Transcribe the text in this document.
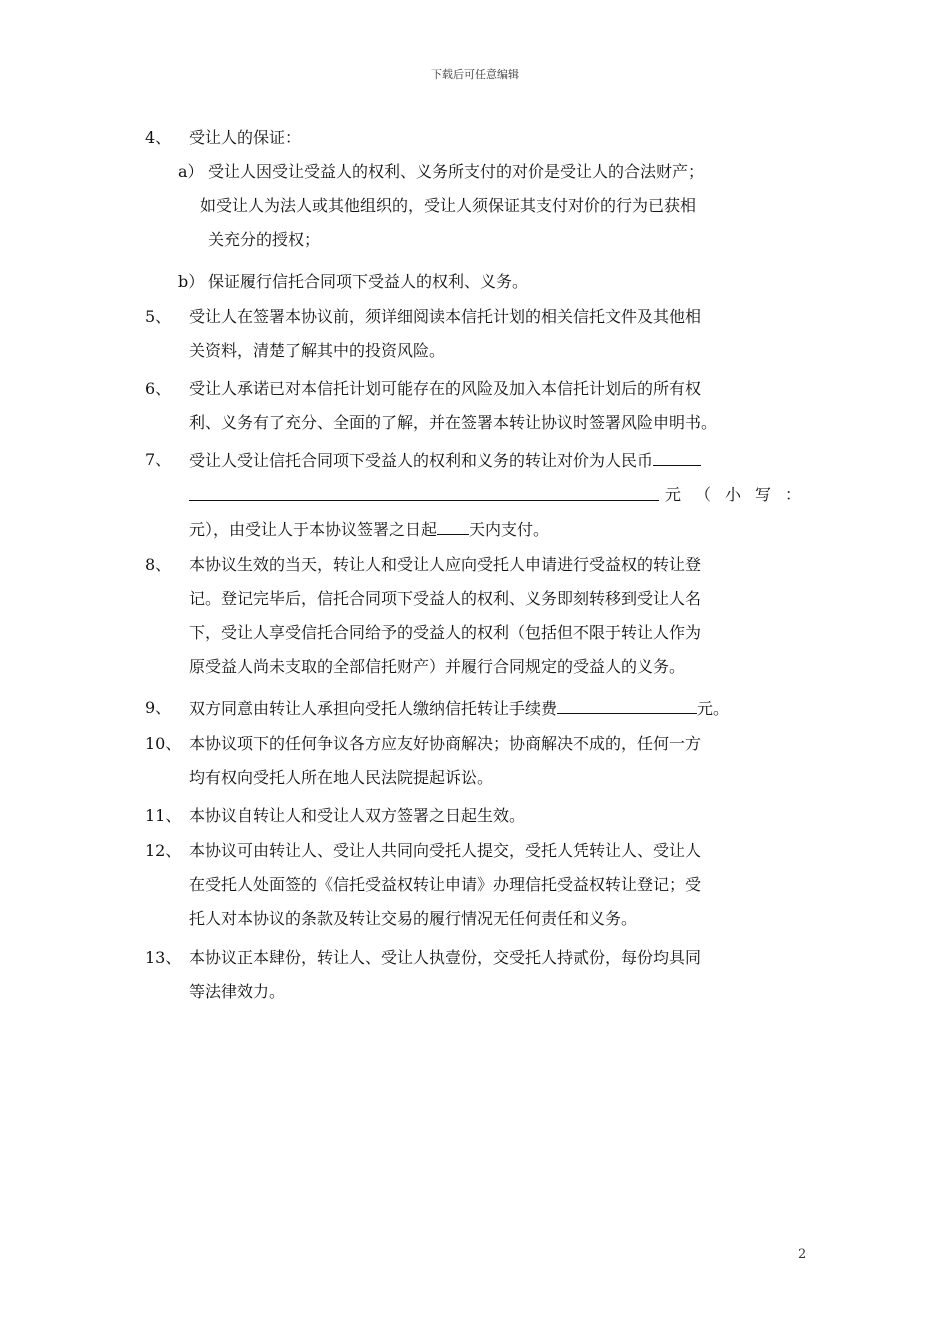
下载后可任意编辑
4、 受让人的保证：
a） 受让人因受让受益人的权利、义务所支付的对价是受让人的合法财产；
如受让人为法人或其他组织的，受让人须保证其支付对价的行为已获相
关充分的授权；
b） 保证履行信托合同项下受益人的权利、义务。
5、 受让人在签署本协议前，须详细阅读本信托计划的相关信托文件及其他相
关资料，清楚了解其中的投资风险。
6、 受让人承诺已对本信托计划可能存在的风险及加入本信托计划后的所有权
利、义务有了充分、全面的了解，并在签署本转让协议时签署风险申明书。
7、 受让人受让信托合同项下受益人的权利和义务的转让对价为人民币
元（小写：
元），由受让人于本协议签署之日起 天内支付。
8、 本协议生效的当天，转让人和受让人应向受托人申请进行受益权的转让登
记。登记完毕后，信托合同项下受益人的权利、义务即刻转移到受让人名
下，受让人享受信托合同给予的受益人的权利（包括但不限于转让人作为
原受益人尚未支取的全部信托财产）并履行合同规定的受益人的义务。
9、 双方同意由转让人承担向受托人缴纳信托转让手续费	元。
10、 本协议项下的任何争议各方应友好协商解决；协商解决不成的，任何一方
均有权向受托人所在地人民法院提起诉讼。
11、 本协议自转让人和受让人双方签署之日起生效。
12、 本协议可由转让人、受让人共同向受托人提交，受托人凭转让人、受让人
在受托人处面签的《信托受益权转让申请》办理信托受益权转让登记；受
托人对本协议的条款及转让交易的履行情况无任何责任和义务。
13、 本协议正本肆份，转让人、受让人执壹份，交受托人持贰份，每份均具同
等法律效力。
2
